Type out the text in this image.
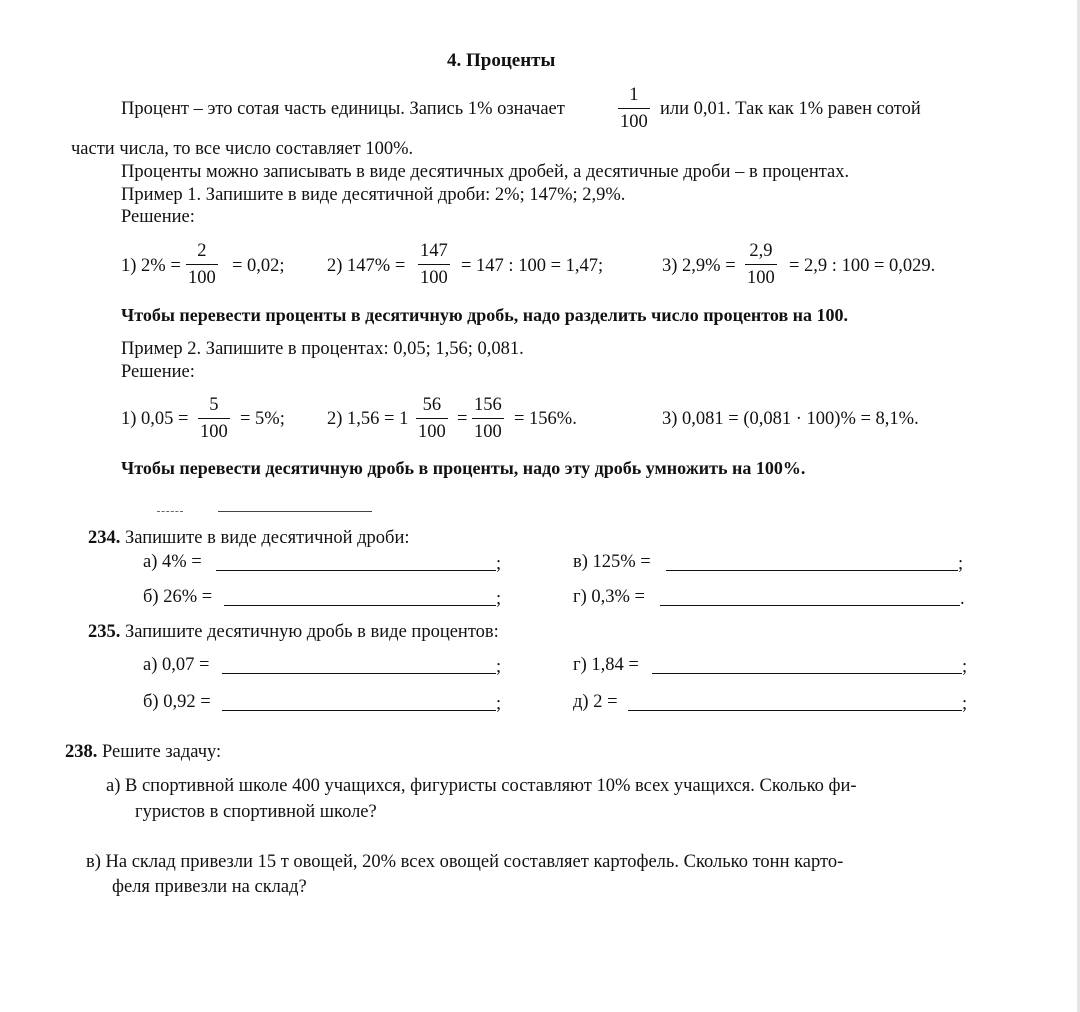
4. Проценты
Процент – это сотая часть единицы. Запись 1% означает
1
100
или 0,01. Так как 1% равен сотой
части числа, то все число составляет 100%.
Проценты можно записывать в виде десятичных дробей, а десятичные дроби – в процентах.
Пример 1. Запишите в виде десятичной дроби: 2%; 147%; 2,9%.
Решение:
1) 2% =
2
100
= 0,02; 2) 147% =
147
100
= 147 : 100 = 1,47;	3) 2,9% =
2,9
100
= 2,9 : 100 = 0,029.
Чтобы перевести проценты в десятичную дробь, надо разделить число процентов на 100.
Пример 2. Запишите в процентах: 0,05; 1,56; 0,081.
Решение:
1) 0,05 =
5
100
= 5%; 2) 1,56 = 1
56
100
=
156
100
= 156%.	3) 0,081 = (0,081 · 100)% = 8,1%.
Чтобы перевести десятичную дробь в проценты, надо эту дробь умножить на 100%.
234. Запишите в виде десятичной дроби:
а) 4% =	;	в) 125% =	;
б) 26% =	;	г) 0,3% =	.
235. Запишите десятичную дробь в виде процентов:
а) 0,07 =	;	г) 1,84 =	;
б) 0,92 =	;	д) 2 =	;
238. Решите задачу:
а) В спортивной школе 400 учащихся, фигуристы составляют 10% всех учащихся. Сколько фи-
гуристов в спортивной школе?
в) На склад привезли 15 т овощей, 20% всех овощей составляет картофель. Сколько тонн карто-
феля привезли на склад?
